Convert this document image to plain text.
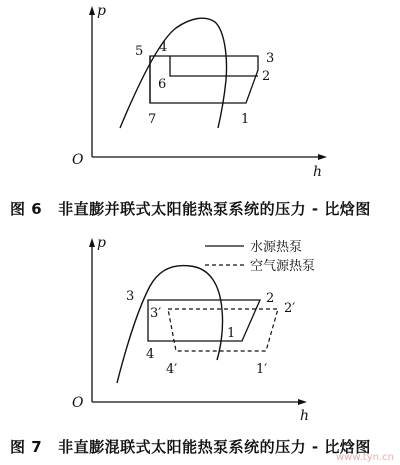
p
h
O
1
2
3
4
5
6
7
图 6 非直膨并联式太阳能热泵系统的压力 - 比焓图
p
h
O
水源热泵
空气源热泵
1
2
3
4
1′
2′
3′
4′
图 7 非直膨混联式太阳能热泵系统的压力 - 比焓图
www.tyn.cn
